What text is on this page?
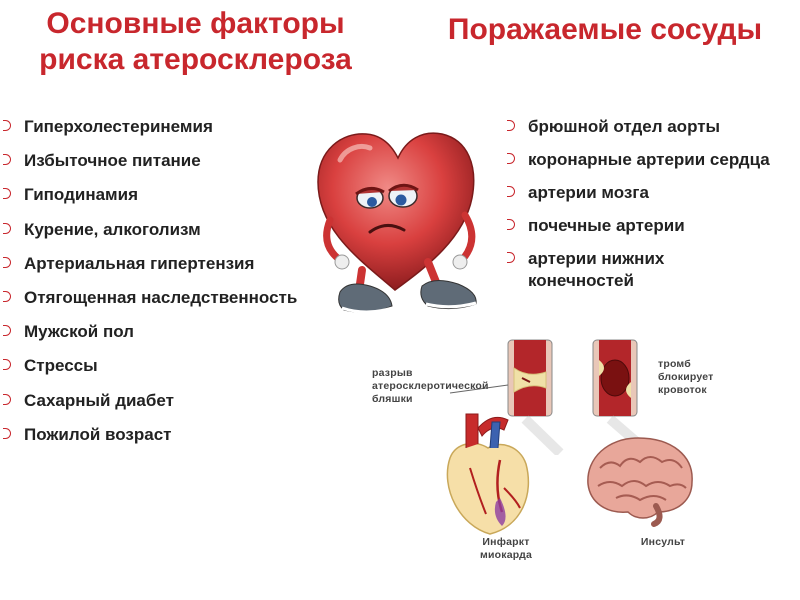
Основные факторы
риска атеросклероза
Поражаемые сосуды
Гиперхолестеринемия
Избыточное питание
Гиподинамия
Курение, алкоголизм
Артериальная гипертензия
Отягощенная наследственность
Мужской пол
Стрессы
Сахарный диабет
Пожилой возраст
брюшной отдел аорты
коронарные артерии сердца
артерии мозга
почечные артерии
артерии нижних конечностей
разрыв
атеросклеротической
бляшки
тромб
блокирует
кровоток
Инфаркт
миокарда
Инсульт
